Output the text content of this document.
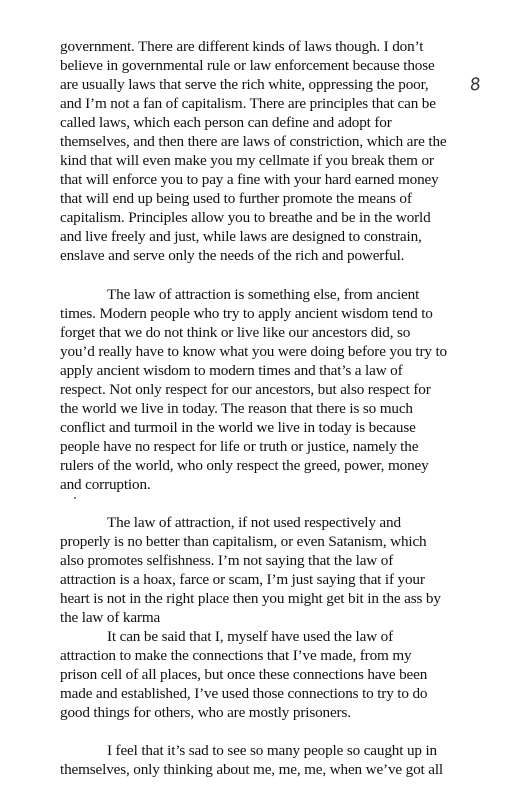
8
government. There are different kinds of laws though. I don’t
believe in governmental rule or law enforcement because those
are usually laws that serve the rich white, oppressing the poor,
and I’m not a fan of capitalism. There are principles that can be
called laws, which each person can define and adopt for
themselves, and then there are laws of constriction, which are the
kind that will even make you my cellmate if you break them or
that will enforce you to pay a fine with your hard earned money
that will end up being used to further promote the means of
capitalism. Principles allow you to breathe and be in the world
and live freely and just, while laws are designed to constrain,
enslave and serve only the needs of the rich and powerful.
The law of attraction is something else, from ancient
times. Modern people who try to apply ancient wisdom tend to
forget that we do not think or live like our ancestors did, so
you’d really have to know what you were doing before you try to
apply ancient wisdom to modern times and that’s a law of
respect. Not only respect for our ancestors, but also respect for
the world we live in today. The reason that there is so much
conflict and turmoil in the world we live in today is because
people have no respect for life or truth or justice, namely the
rulers of the world, who only respect the greed, power, money
and corruption.
The law of attraction, if not used respectively and
properly is no better than capitalism, or even Satanism, which
also promotes selfishness. I’m not saying that the law of
attraction is a hoax, farce or scam, I’m just saying that if your
heart is not in the right place then you might get bit in the ass by
the law of karma
It can be said that I, myself have used the law of
attraction to make the connections that I’ve made, from my
prison cell of all places, but once these connections have been
made and established, I’ve used those connections to try to do
good things for others, who are mostly prisoners.
I feel that it’s sad to see so many people so caught up in
themselves, only thinking about me, me, me, when we’ve got all
